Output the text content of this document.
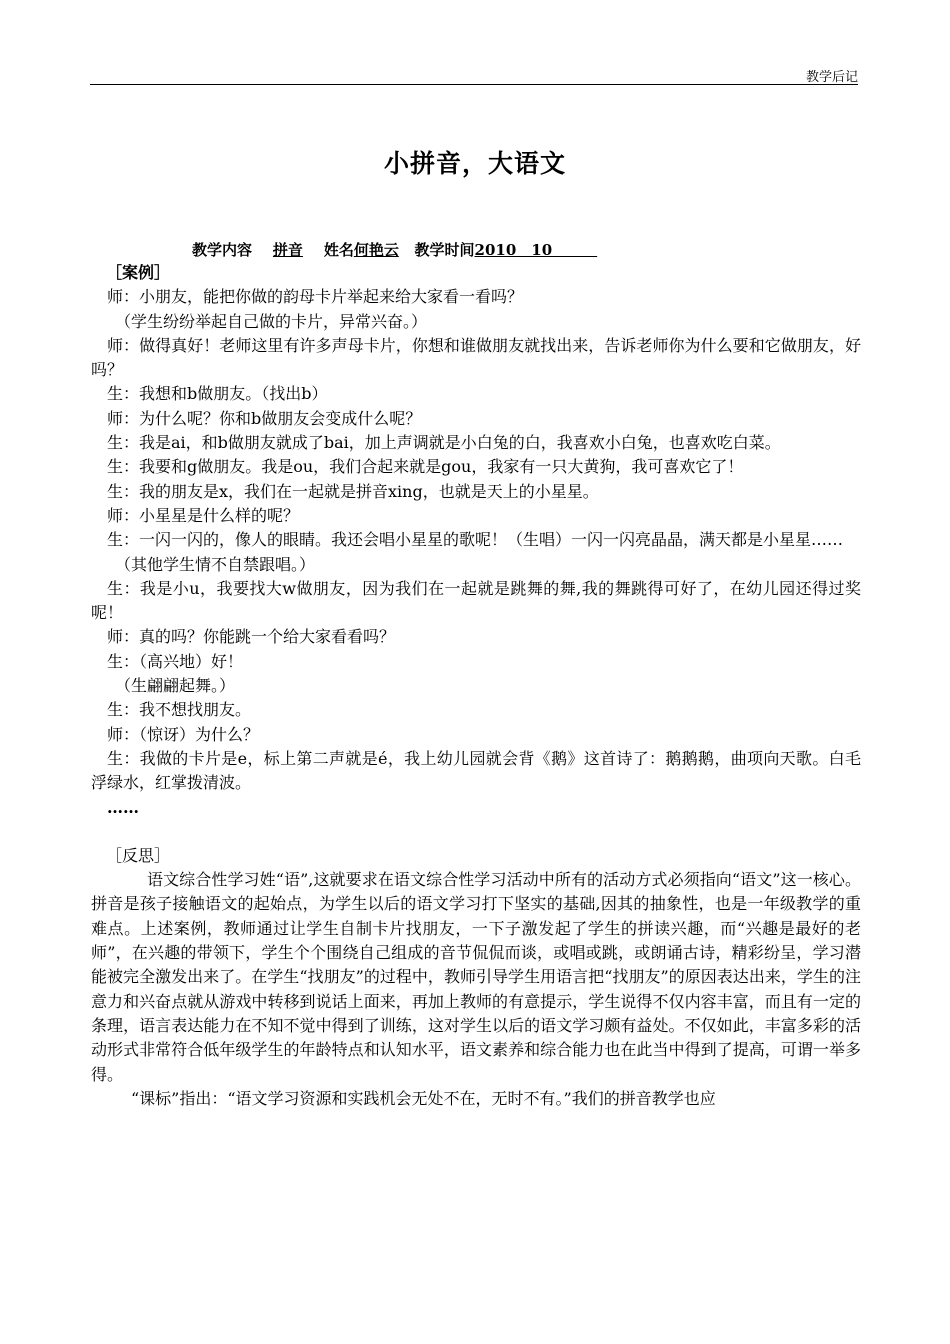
教学后记
小拼音，大语文
教学内容 拼音 姓名何艳云 教学时间2010　10　　　

［案例］

师：小朋友，能把你做的韵母卡片举起来给大家看一看吗？

（学生纷纷举起自己做的卡片，异常兴奋。）

师：做得真好！老师这里有许多声母卡片，你想和谁做朋友就找出来，告诉老师你为什么要和它做朋友，好吗？

生：我想和b做朋友。（找出b）

师：为什么呢？你和b做朋友会变成什么呢？

生：我是ai，和b做朋友就成了bai，加上声调就是小白兔的白，我喜欢小白兔，也喜欢吃白菜。

生：我要和g做朋友。我是ou，我们合起来就是gou，我家有一只大黄狗，我可喜欢它了！

生：我的朋友是x，我们在一起就是拼音xing，也就是天上的小星星。

师：小星星是什么样的呢？

生：一闪一闪的，像人的眼睛。我还会唱小星星的歌呢！（生唱）一闪一闪亮晶晶，满天都是小星星……

（其他学生情不自禁跟唱。）

生：我是小u，我要找大w做朋友，因为我们在一起就是跳舞的舞,我的舞跳得可好了，在幼儿园还得过奖呢！

师：真的吗？你能跳一个给大家看看吗？

生：（高兴地）好！

（生翩翩起舞。）

生：我不想找朋友。

师：（惊讶）为什么？

生：我做的卡片是e，标上第二声就是é，我上幼儿园就会背《鹅》这首诗了：鹅鹅鹅，曲项向天歌。白毛浮绿水，红掌拨清波。

……

［反思］

语文综合性学习姓“语”,这就要求在语文综合性学习活动中所有的活动方式必须指向“语文”这一核心。拼音是孩子接触语文的起始点，为学生以后的语文学习打下坚实的基础,因其的抽象性，也是一年级教学的重难点。上述案例，教师通过让学生自制卡片找朋友，一下子激发起了学生的拼读兴趣，而“兴趣是最好的老师”，在兴趣的带领下，学生个个围绕自己组成的音节侃侃而谈，或唱或跳，或朗诵古诗，精彩纷呈，学习潜能被完全激发出来了。在学生“找朋友”的过程中，教师引导学生用语言把“找朋友”的原因表达出来，学生的注意力和兴奋点就从游戏中转移到说话上面来，再加上教师的有意提示，学生说得不仅内容丰富，而且有一定的条理，语言表达能力在不知不觉中得到了训练，这对学生以后的语文学习颇有益处。不仅如此，丰富多彩的活动形式非常符合低年级学生的年龄特点和认知水平，语文素养和综合能力也在此当中得到了提高，可谓一举多得。

“课标”指出：“语文学习资源和实践机会无处不在，无时不有。”我们的拼音教学也应
